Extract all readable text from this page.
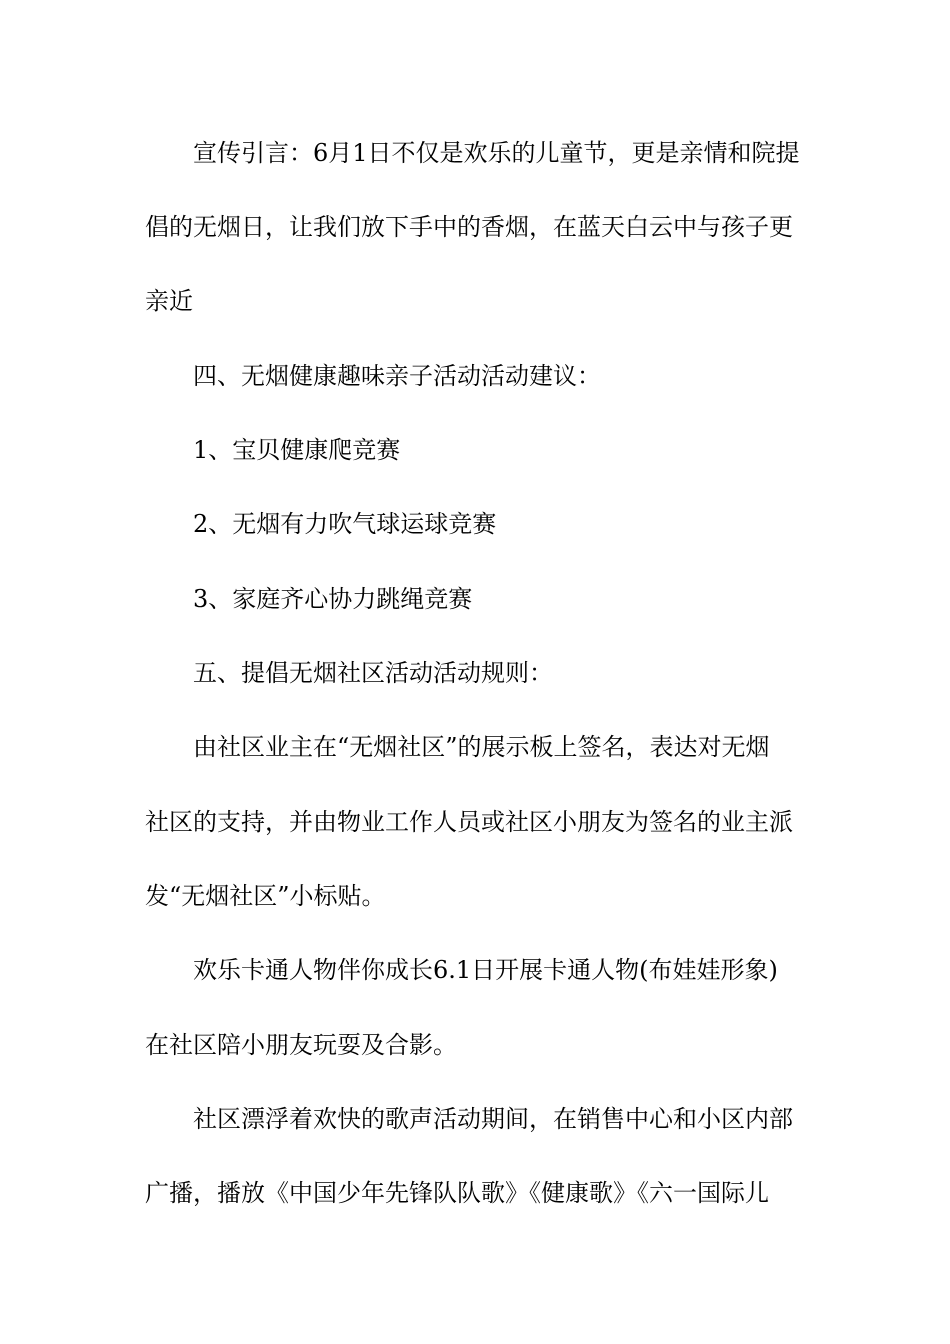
宣传引言：6月1日不仅是欢乐的儿童节，更是亲情和院提

倡的无烟日，让我们放下手中的香烟，在蓝天白云中与孩子更

亲近

四、无烟健康趣味亲子活动活动建议：

1、宝贝健康爬竞赛

2、无烟有力吹气球运球竞赛

3、家庭齐心协力跳绳竞赛

五、提倡无烟社区活动活动规则：

由社区业主在“无烟社区”的展示板上签名，表达对无烟

社区的支持，并由物业工作人员或社区小朋友为签名的业主派

发“无烟社区”小标贴。

欢乐卡通人物伴你成长6.1日开展卡通人物(布娃娃形象)

在社区陪小朋友玩耍及合影。

社区漂浮着欢快的歌声活动期间，在销售中心和小区内部

广播，播放《中国少年先锋队队歌》《健康歌》《六一国际儿
